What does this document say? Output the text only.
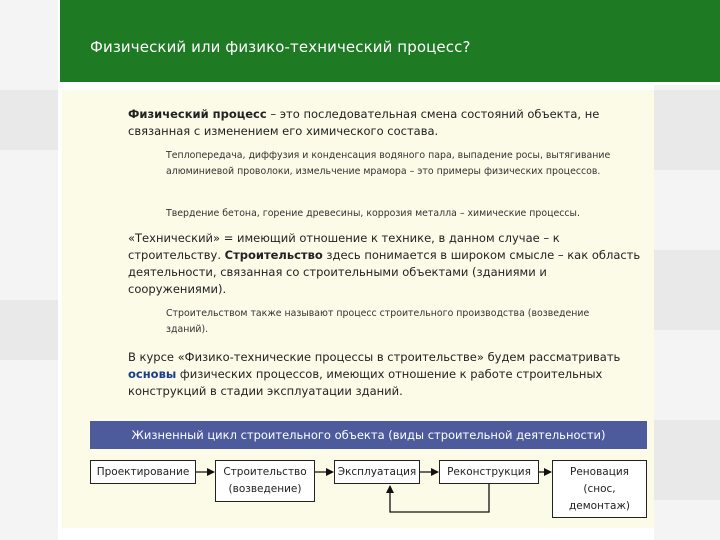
Физический или физико-технический процесс?

Физический процесс – это последовательная смена состояний объекта, не связанная с изменением его химического состава.

Теплопередача, диффузия и конденсация водяного пара, выпадение росы, вытягивание алюминиевой проволоки, измельчение мрамора – это примеры физических процессов.

Твердение бетона, горение древесины, коррозия металла – химические процессы.

«Технический» = имеющий отношение к технике, в данном случае – к строительству. Строительство здесь понимается в широком смысле – как область деятельности, связанная со строительными объектами (зданиями и сооружениями).

Строительством также называют процесс строительного производства (возведение зданий).

В курсе «Физико-технические процессы в строительстве» будем рассматривать основы физических процессов, имеющих отношение к работе строительных конструкций в стадии эксплуатации зданий.

Жизненный цикл строительного объекта (виды строительной деятельности)
Проектирование	Строительство
(возведение)
Эксплуатация	Реконструкция	Реновация
(снос,
демонтаж)
